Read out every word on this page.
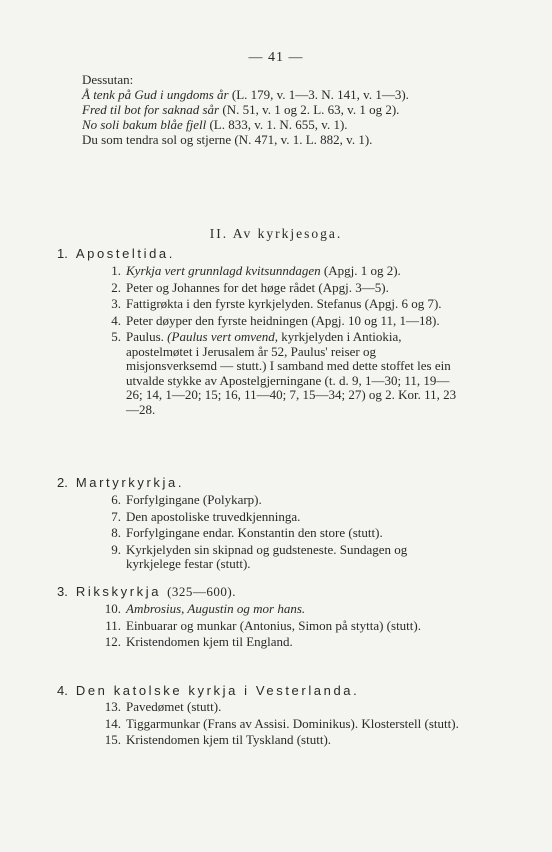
— 41 —

Dessutan:

Å tenk på Gud i ungdoms år (L. 179, v. 1—3. N. 141, v. 1—3).

Fred til bot for saknad sår (N. 51, v. 1 og 2. L. 63, v. 1 og 2).

No soli bakum blåe fjell (L. 833, v. 1. N. 655, v. 1).

Du som tendra sol og stjerne (N. 471, v. 1. L. 882, v. 1).

II. Av kyrkjesoga.
1. Aposteltida.
1. Kyrkja vert grunnlagd kvitsunndagen (Apgj. 1 og 2).
2. Peter og Johannes for det høge rådet (Apgj. 3—5).
3. Fattigrøkta i den fyrste kyrkjelyden. Stefanus (Apgj. 6 og 7).
4. Peter døyper den fyrste heidningen (Apgj. 10 og 11, 1—18).
5. Paulus. (Paulus vert omvend, kyrkjelyden i Antiokia, apostelmøtet i Jerusalem år 52, Paulus' reiser og misjonsverksemd — stutt.) I samband med dette stoffet les ein utvalde stykke av Apostelgjerningane (t. d. 9, 1—30; 11, 19—26; 14, 1—20; 15; 16, 11—40; 7, 15—34; 27) og 2. Kor. 11, 23—28.
2. Martyrkyrkja.
6. Forfylgingane (Polykarp).
7. Den apostoliske truvedkjenninga.
8. Forfylgingane endar. Konstantin den store (stutt).
9. Kyrkjelyden sin skipnad og gudsteneste. Sundagen og kyrkjelege festar (stutt).
3. Rikskyrkja (325—600).
10. Ambrosius, Augustin og mor hans.
11. Einbuarar og munkar (Antonius, Simon på stytta) (stutt).
12. Kristendomen kjem til England.
4. Den katolske kyrkja i Vesterlanda.
13. Pavedømet (stutt).
14. Tiggarmunkar (Frans av Assisi. Dominikus). Klosterstell (stutt).
15. Kristendomen kjem til Tyskland (stutt).
